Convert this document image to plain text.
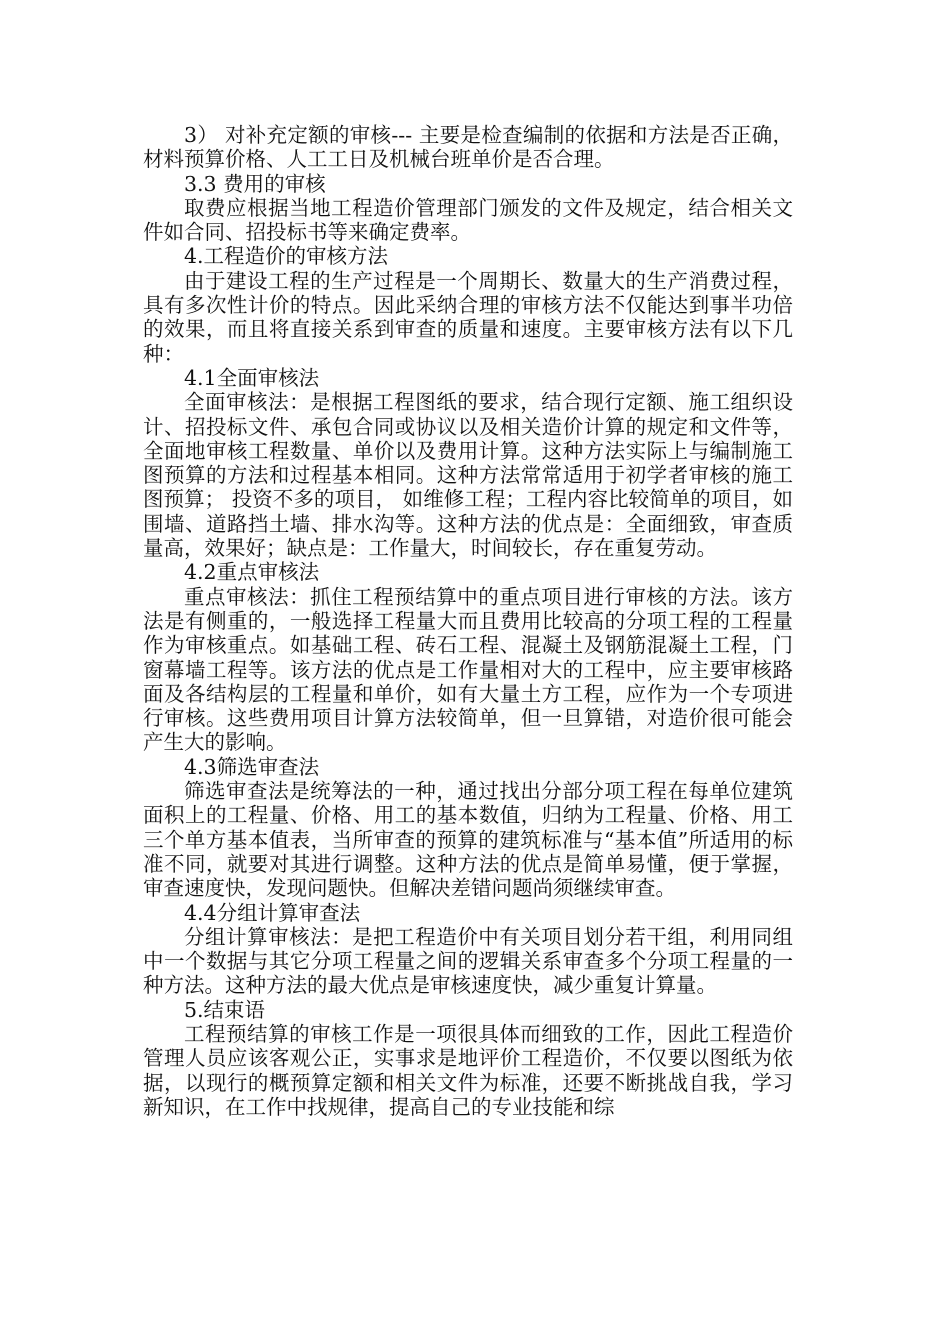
3） 对补充定额的审核--- 主要是检查编制的依据和方法是否正确，材料预算价格、人工工日及机械台班单价是否合理。

3.3 费用的审核

取费应根据当地工程造价管理部门颁发的文件及规定，结合相关文件如合同、招投标书等来确定费率。

4.工程造价的审核方法

由于建设工程的生产过程是一个周期长、数量大的生产消费过程，具有多次性计价的特点。因此采纳合理的审核方法不仅能达到事半功倍的效果，而且将直接关系到审查的质量和速度。主要审核方法有以下几种：

4.1全面审核法

全面审核法：是根据工程图纸的要求，结合现行定额、施工组织设计、招投标文件、承包合同或协议以及相关造价计算的规定和文件等，全面地审核工程数量、单价以及费用计算。这种方法实际上与编制施工图预算的方法和过程基本相同。这种方法常常适用于初学者审核的施工图预算； 投资不多的项目， 如维修工程；工程内容比较简单的项目，如围墙、道路挡土墙、排水沟等。这种方法的优点是：全面细致，审查质量高，效果好；缺点是：工作量大，时间较长，存在重复劳动。

4.2重点审核法

重点审核法：抓住工程预结算中的重点项目进行审核的方法。该方法是有侧重的，一般选择工程量大而且费用比较高的分项工程的工程量作为审核重点。如基础工程、砖石工程、混凝土及钢筋混凝土工程，门窗幕墙工程等。该方法的优点是工作量相对大的工程中，应主要审核路面及各结构层的工程量和单价，如有大量土方工程，应作为一个专项进行审核。这些费用项目计算方法较简单，但一旦算错，对造价很可能会产生大的影响。

4.3筛选审查法

筛选审查法是统筹法的一种，通过找出分部分项工程在每单位建筑面积上的工程量、价格、用工的基本数值，归纳为工程量、价格、用工三个单方基本值表，当所审查的预算的建筑标准与“基本值”所适用的标准不同，就要对其进行调整。这种方法的优点是简单易懂，便于掌握，审查速度快，发现问题快。但解决差错问题尚须继续审查。

4.4分组计算审查法

分组计算审核法：是把工程造价中有关项目划分若干组，利用同组中一个数据与其它分项工程量之间的逻辑关系审查多个分项工程量的一种方法。这种方法的最大优点是审核速度快，减少重复计算量。

5.结束语

工程预结算的审核工作是一项很具体而细致的工作，因此工程造价管理人员应该客观公正，实事求是地评价工程造价，不仅要以图纸为依据，以现行的概预算定额和相关文件为标准，还要不断挑战自我，学习新知识，在工作中找规律，提高自己的专业技能和综
